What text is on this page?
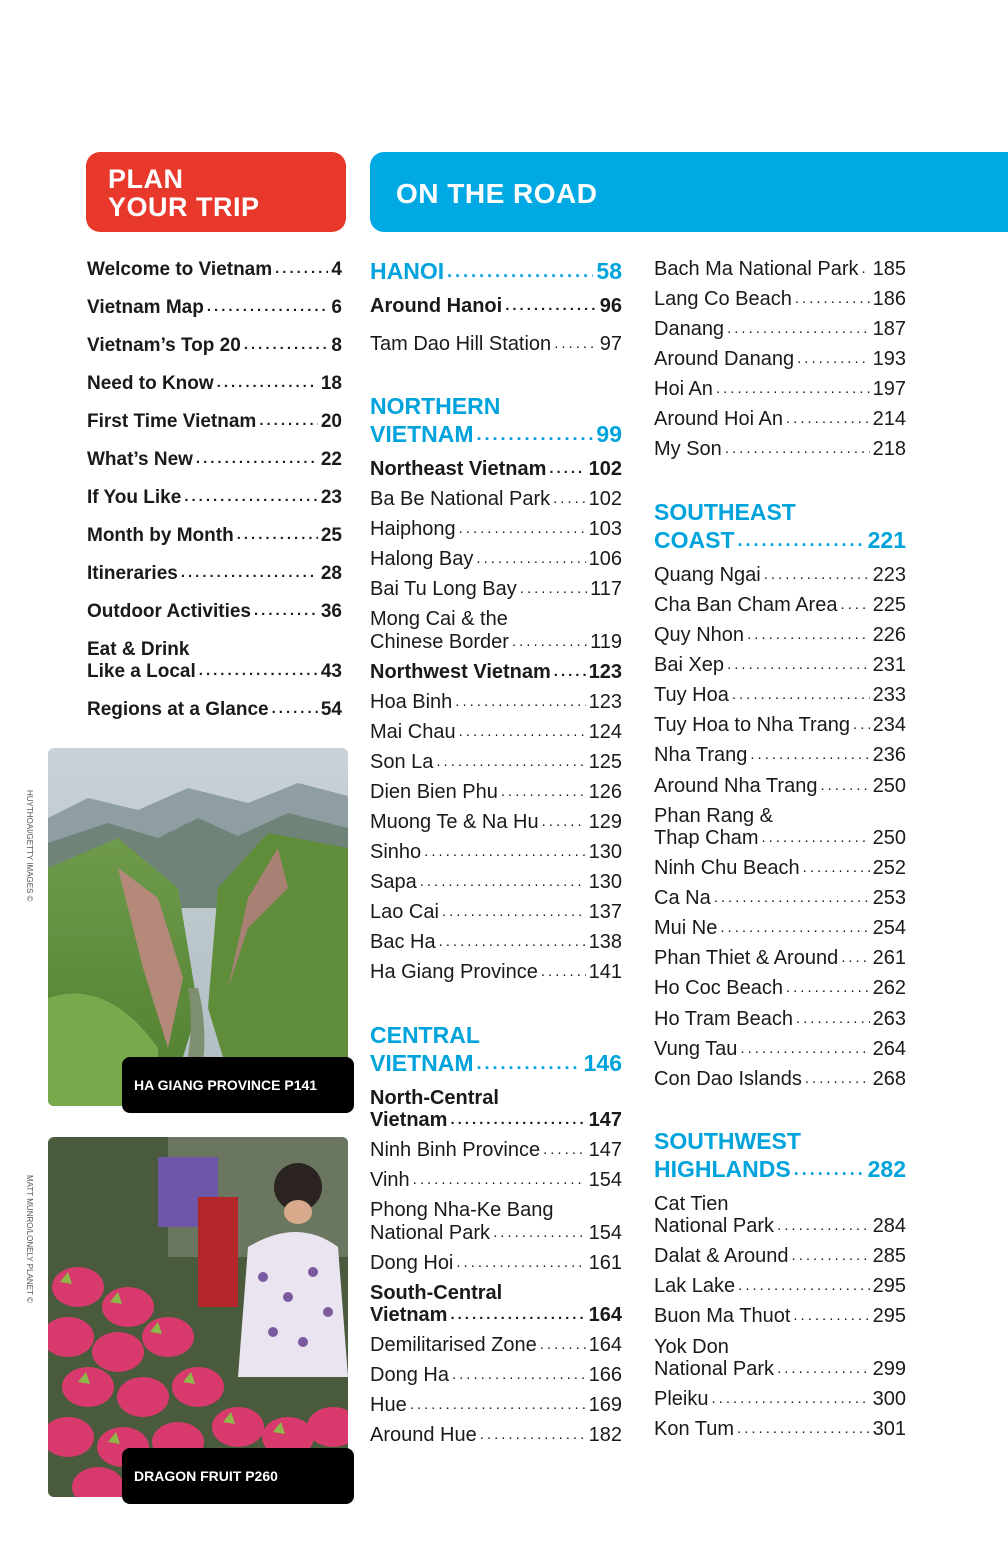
PLAN
YOUR TRIP	ON THE ROAD
Welcome to Vietnam .....	4
Vietnam Map .....	6
Vietnam’s Top 20 .....	8
Need to Know .....	18
First Time Vietnam .....	20
What’s New .....	22
If You Like .....	23
Month by Month .....	25
Itineraries .....	28
Outdoor Activities .....	36
Eat & Drink
Like a Local .....	43
Regions at a Glance .....	54
HUYTHOAI/GETTY IMAGES ©
HA GIANG PROVINCE P141
MATT MUNRO/LONELY PLANET ©
DRAGON FRUIT P260
HANOI .....	58
Around Hanoi .....	96
Tam Dao Hill Station ..... 97
NORTHERN
VIETNAM .....	99
Northeast Vietnam ..... 102
Ba Be National Park ..... 102
Haiphong .....	103
Halong Bay .....	106
Bai Tu Long Bay .....	117
Mong Cai & the
Chinese Border .....	119
Northwest Vietnam ..... 123
Hoa Binh .....	123
Mai Chau .....	124
Son La .....	125
Dien Bien Phu .....	126
Muong Te & Na Hu .....	129
Sinho .....	130
Sapa .....	130
Lao Cai .....	137
Bac Ha .....	138
Ha Giang Province .....	141
CENTRAL
VIETNAM .....	146
North-Central
Vietnam .....	147
Ninh Binh Province ..... 147
Vinh .....	154
Phong Nha-Ke Bang
National Park .....	154
Dong Hoi .....	161
South-Central
Vietnam .....	164
Demilitarised Zone .....	164
Dong Ha .....	166
Hue .....	169
Around Hue .....	182
Bach Ma National Park ..... 185
Lang Co Beach .....	186
Danang .....	187
Around Danang .....	193
Hoi An .....	197
Around Hoi An .....	214
My Son .....	218
SOUTHEAST
COAST .....	221
Quang Ngai .....	223
Cha Ban Cham Area ..... 225
Quy Nhon .....	226
Bai Xep .....	231
Tuy Hoa .....	233
Tuy Hoa to Nha Trang ..... 234
Nha Trang .....	236
Around Nha Trang .....	250
Phan Rang &
Thap Cham .....	250
Ninh Chu Beach .....	252
Ca Na .....	253
Mui Ne .....	254
Phan Thiet & Around ..... 261
Ho Coc Beach .....	262
Ho Tram Beach .....	263
Vung Tau .....	264
Con Dao Islands .....	268
SOUTHWEST
HIGHLANDS .....	282
Cat Tien
National Park .....	284
Dalat & Around .....	285
Lak Lake .....	295
Buon Ma Thuot .....	295
Yok Don
National Park .....	299
Pleiku .....	300
Kon Tum .....	301
